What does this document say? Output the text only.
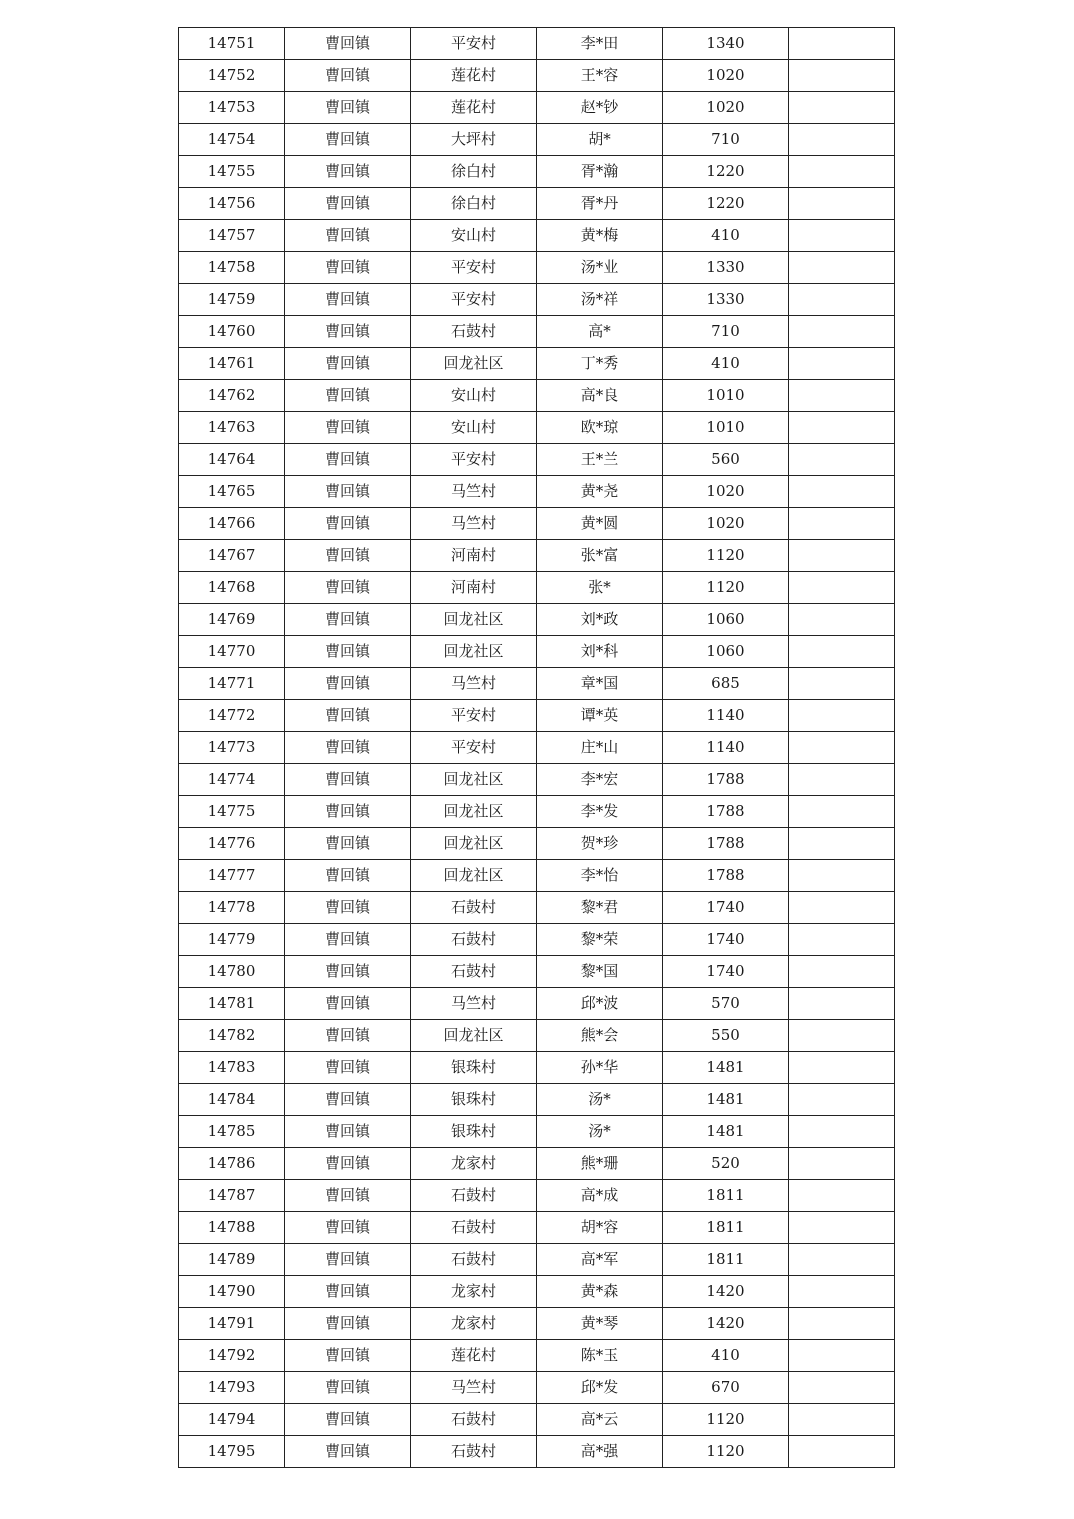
14751	曹回镇	平安村	李*田	1340	
14752	曹回镇	莲花村	王*容	1020	
14753	曹回镇	莲花村	赵*钞	1020	
14754	曹回镇	大坪村	胡*	710	
14755	曹回镇	徐白村	胥*瀚	1220	
14756	曹回镇	徐白村	胥*丹	1220	
14757	曹回镇	安山村	黄*梅	410	
14758	曹回镇	平安村	汤*业	1330	
14759	曹回镇	平安村	汤*祥	1330	
14760	曹回镇	石鼓村	高*	710	
14761	曹回镇	回龙社区	丁*秀	410	
14762	曹回镇	安山村	高*良	1010	
14763	曹回镇	安山村	欧*琼	1010	
14764	曹回镇	平安村	王*兰	560	
14765	曹回镇	马竺村	黄*尧	1020	
14766	曹回镇	马竺村	黄*圆	1020	
14767	曹回镇	河南村	张*富	1120	
14768	曹回镇	河南村	张*	1120	
14769	曹回镇	回龙社区	刘*政	1060	
14770	曹回镇	回龙社区	刘*科	1060	
14771	曹回镇	马竺村	章*国	685	
14772	曹回镇	平安村	谭*英	1140	
14773	曹回镇	平安村	庄*山	1140	
14774	曹回镇	回龙社区	李*宏	1788	
14775	曹回镇	回龙社区	李*发	1788	
14776	曹回镇	回龙社区	贺*珍	1788	
14777	曹回镇	回龙社区	李*怡	1788	
14778	曹回镇	石鼓村	黎*君	1740	
14779	曹回镇	石鼓村	黎*荣	1740	
14780	曹回镇	石鼓村	黎*国	1740	
14781	曹回镇	马竺村	邱*波	570	
14782	曹回镇	回龙社区	熊*会	550	
14783	曹回镇	银珠村	孙*华	1481	
14784	曹回镇	银珠村	汤*	1481	
14785	曹回镇	银珠村	汤*	1481	
14786	曹回镇	龙家村	熊*珊	520	
14787	曹回镇	石鼓村	高*成	1811	
14788	曹回镇	石鼓村	胡*容	1811	
14789	曹回镇	石鼓村	高*军	1811	
14790	曹回镇	龙家村	黄*森	1420	
14791	曹回镇	龙家村	黄*琴	1420	
14792	曹回镇	莲花村	陈*玉	410	
14793	曹回镇	马竺村	邱*发	670	
14794	曹回镇	石鼓村	高*云	1120	
14795	曹回镇	石鼓村	高*强	1120	
